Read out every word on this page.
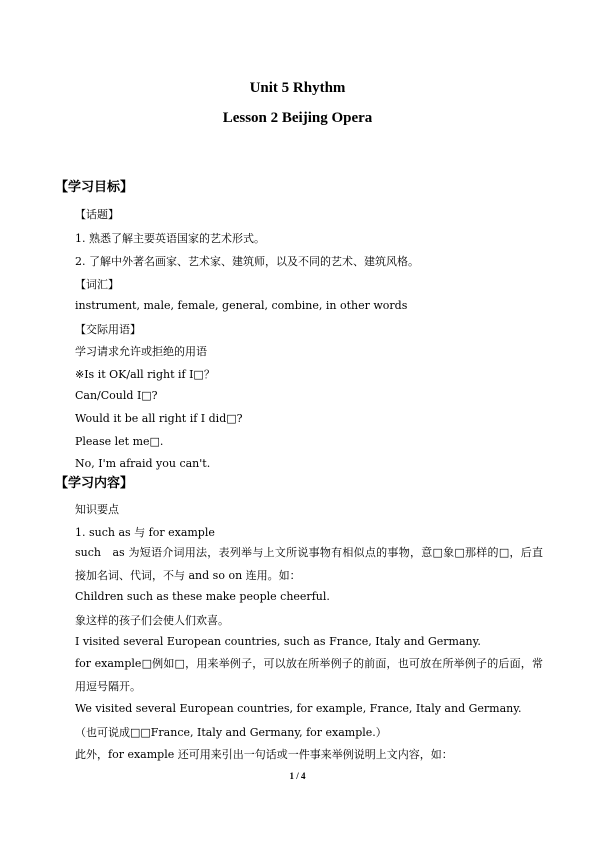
Unit 5 Rhythm
Lesson 2 Beijing Opera
【学习目标】
【话题】
1. 熟悉了解主要英语国家的艺术形式。
2. 了解中外著名画家、艺术家、建筑师，以及不同的艺术、建筑风格。
【词汇】
instrument, male, female, general, combine, in other words
【交际用语】
学习请求允许或拒绝的用语
※Is it OK/all right if I□？
Can/Could I□?
Would it be all right if I did□?
Please let me□.
No, I'm afraid you can't.
【学习内容】
知识要点
1. such as 与 for example
such　as 为短语介词用法，表列举与上文所说事物有相似点的事物，意□象□那样的□，后直接加名词、代词，不与 and so on 连用。如：
Children such as these make people cheerful.
象这样的孩子们会使人们欢喜。
I visited several European countries, such as France, Italy and Germany.
for example□例如□，用来举例子，可以放在所举例子的前面，也可放在所举例子的后面，常用逗号隔开。
We visited several European countries, for example, France, Italy and Germany.
（也可说成□□France, Italy and Germany, for example.）
此外，for example 还可用来引出一句话或一件事来举例说明上文内容，如：
1 / 4
